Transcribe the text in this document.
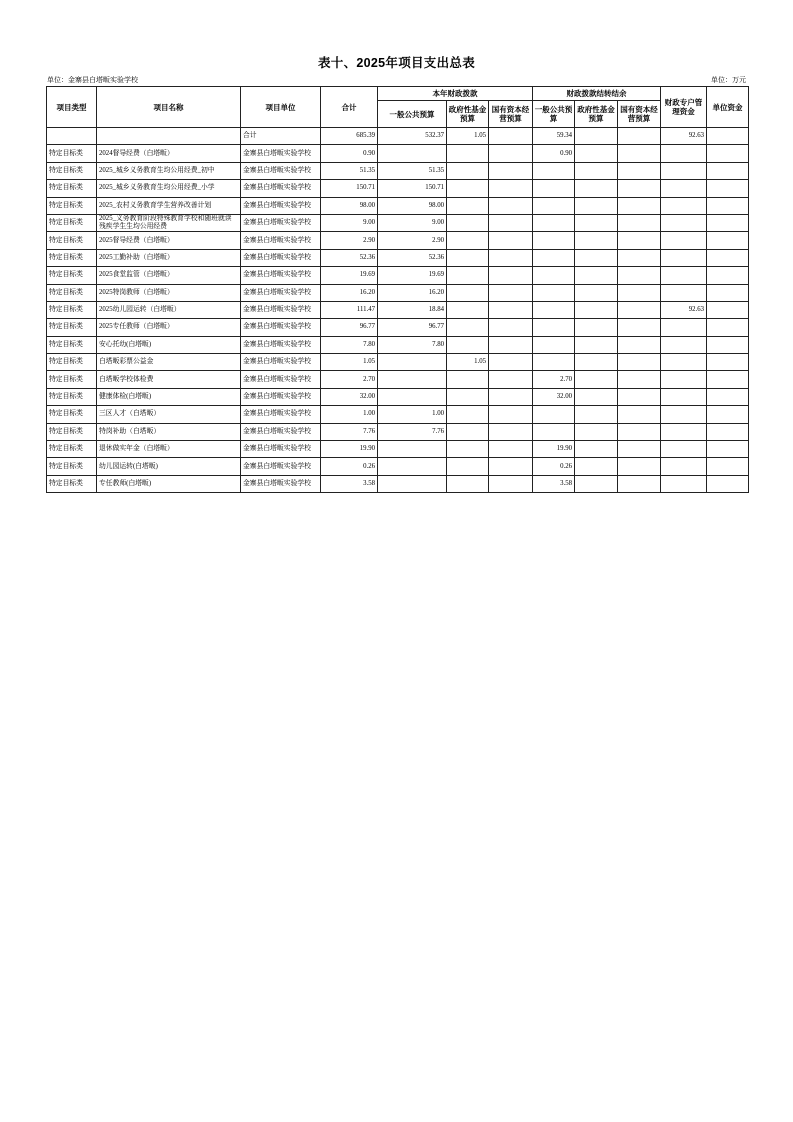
表十、2025年项目支出总表
单位：金寨县白塔畈实验学校	单位：万元
项目类型	项目名称	项目单位	合计	本年财政拨款			财政拨款结转结余			财政专户管理资金	单位资金
				一般公共预算	政府性基金预算	国有资本经营预算	一般公共预算	政府性基金预算	国有资本经营预算		
		合计	685.39	532.37	1.05		59.34			92.63	
特定目标类	2024督导经费（白塔畈）	金寨县白塔畈实验学校	0.90				0.90				
特定目标类	2025_城乡义务教育生均公用经费_初中	金寨县白塔畈实验学校	51.35	51.35							
特定目标类	2025_城乡义务教育生均公用经费_小学	金寨县白塔畈实验学校	150.71	150.71							
特定目标类	2025_农村义务教育学生营养改善计划	金寨县白塔畈实验学校	98.00	98.00							
特定目标类	2025_义务教育阶段特殊教育学校和随班就读残疾学生生均公用经费	金寨县白塔畈实验学校	9.00	9.00							
特定目标类	2025督导经费（白塔畈）	金寨县白塔畈实验学校	2.90	2.90							
特定目标类	2025工勤补助（白塔畈）	金寨县白塔畈实验学校	52.36	52.36							
特定目标类	2025食堂监管（白塔畈）	金寨县白塔畈实验学校	19.69	19.69							
特定目标类	2025特岗教师（白塔畈）	金寨县白塔畈实验学校	16.20	16.20							
特定目标类	2025幼儿园运转（白塔畈）	金寨县白塔畈实验学校	111.47	18.84						92.63	
特定目标类	2025专任教师（白塔畈）	金寨县白塔畈实验学校	96.77	96.77							
特定目标类	安心托幼(白塔畈)	金寨县白塔畈实验学校	7.80	7.80							
特定目标类	白塔畈彩票公益金	金寨县白塔畈实验学校	1.05		1.05						
特定目标类	白塔畈学校体检费	金寨县白塔畈实验学校	2.70				2.70				
特定目标类	健康体检(白塔畈)	金寨县白塔畈实验学校	32.00				32.00				
特定目标类	三区人才（白塔畈）	金寨县白塔畈实验学校	1.00	1.00							
特定目标类	特岗补助（白塔畈）	金寨县白塔畈实验学校	7.76	7.76							
特定目标类	退休做实年金（白塔畈）	金寨县白塔畈实验学校	19.90				19.90				
特定目标类	幼儿园运转(白塔畈)	金寨县白塔畈实验学校	0.26				0.26				
特定目标类	专任教师(白塔畈)	金寨县白塔畈实验学校	3.58				3.58				
